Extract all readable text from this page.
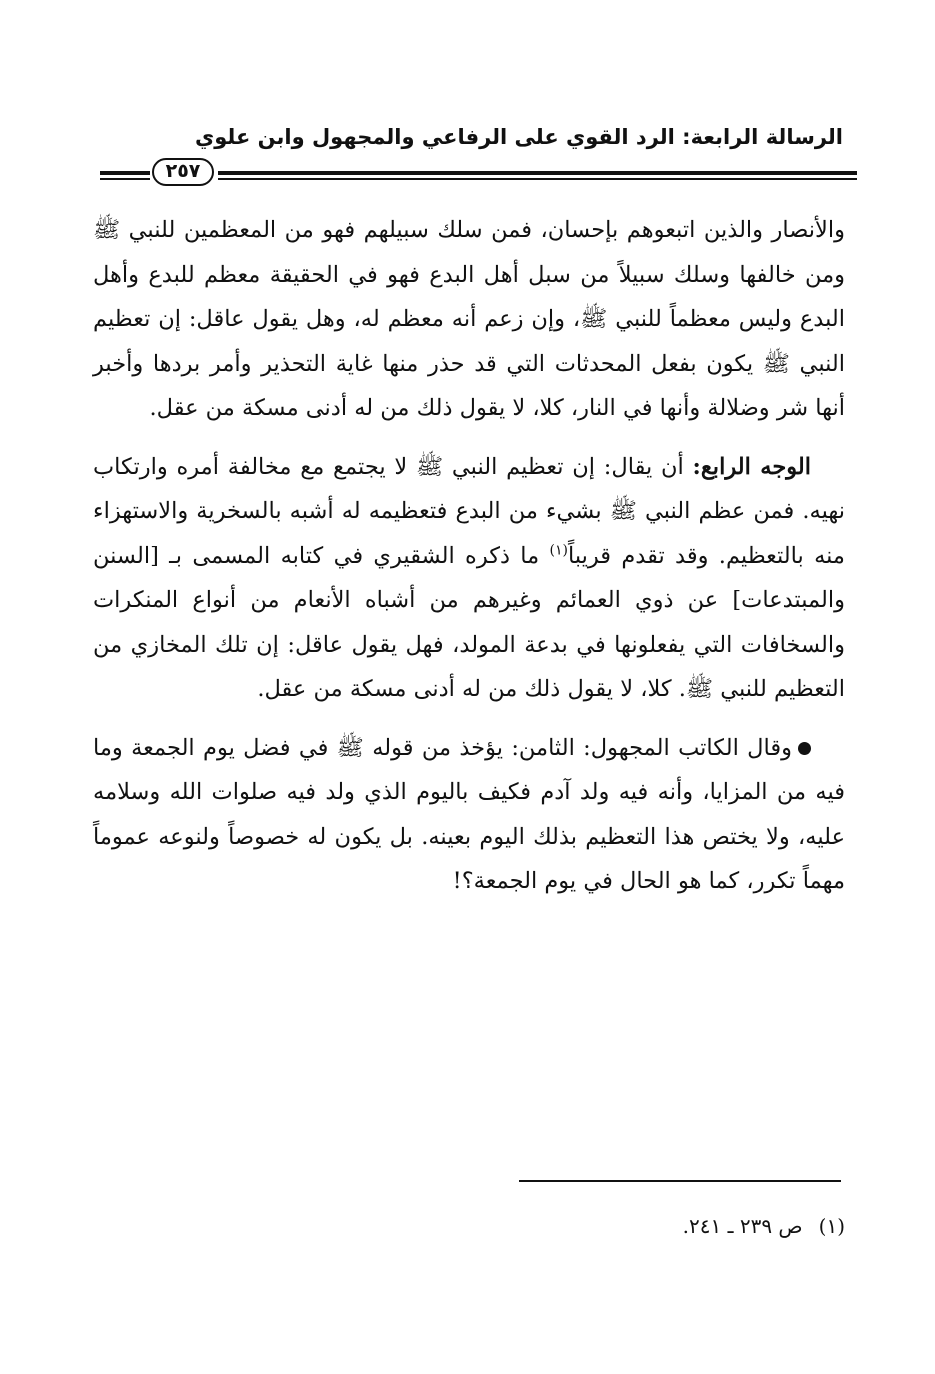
الرسالة الرابعة: الرد القوي على الرفاعي والمجهول وابن علوي
٢٥٧

والأنصار والذين اتبعوهم بإحسان، فمن سلك سبيلهم فهو من المعظمين للنبي ﷺ ومن خالفها وسلك سبيلاً من سبل أهل البدع فهو في الحقيقة معظم للبدع وأهل البدع وليس معظماً للنبي ﷺ، وإن زعم أنه معظم له، وهل يقول عاقل: إن تعظيم النبي ﷺ يكون بفعل المحدثات التي قد حذر منها غاية التحذير وأمر بردها وأخبر أنها شر وضلالة وأنها في النار، كلا، لا يقول ذلك من له أدنى مسكة من عقل.

الوجه الرابع: أن يقال: إن تعظيم النبي ﷺ لا يجتمع مع مخالفة أمره وارتكاب نهيه. فمن عظم النبي ﷺ بشيء من البدع فتعظيمه له أشبه بالسخرية والاستهزاء منه بالتعظيم. وقد تقدم قريباً$^{(١)}$ ما ذكره الشقيري في كتابه المسمى بـ [السنن والمبتدعات] عن ذوي العمائم وغيرهم من أشباه الأنعام من أنواع المنكرات والسخافات التي يفعلونها في بدعة المولد، فهل يقول عاقل: إن تلك المخازي من التعظيم للنبي ﷺ. كلا، لا يقول ذلك من له أدنى مسكة من عقل.

وقال الكاتب المجهول: الثامن: يؤخذ من قوله ﷺ في فضل يوم الجمعة وما فيه من المزايا، وأنه فيه ولد آدم فكيف باليوم الذي ولد فيه صلوات الله وسلامه عليه، ولا يختص هذا التعظيم بذلك اليوم بعينه. بل يكون له خصوصاً ولنوعه عموماً مهماً تكرر، كما هو الحال في يوم الجمعة؟!

(١)ص ٢٣٩ ـ ٢٤١.
